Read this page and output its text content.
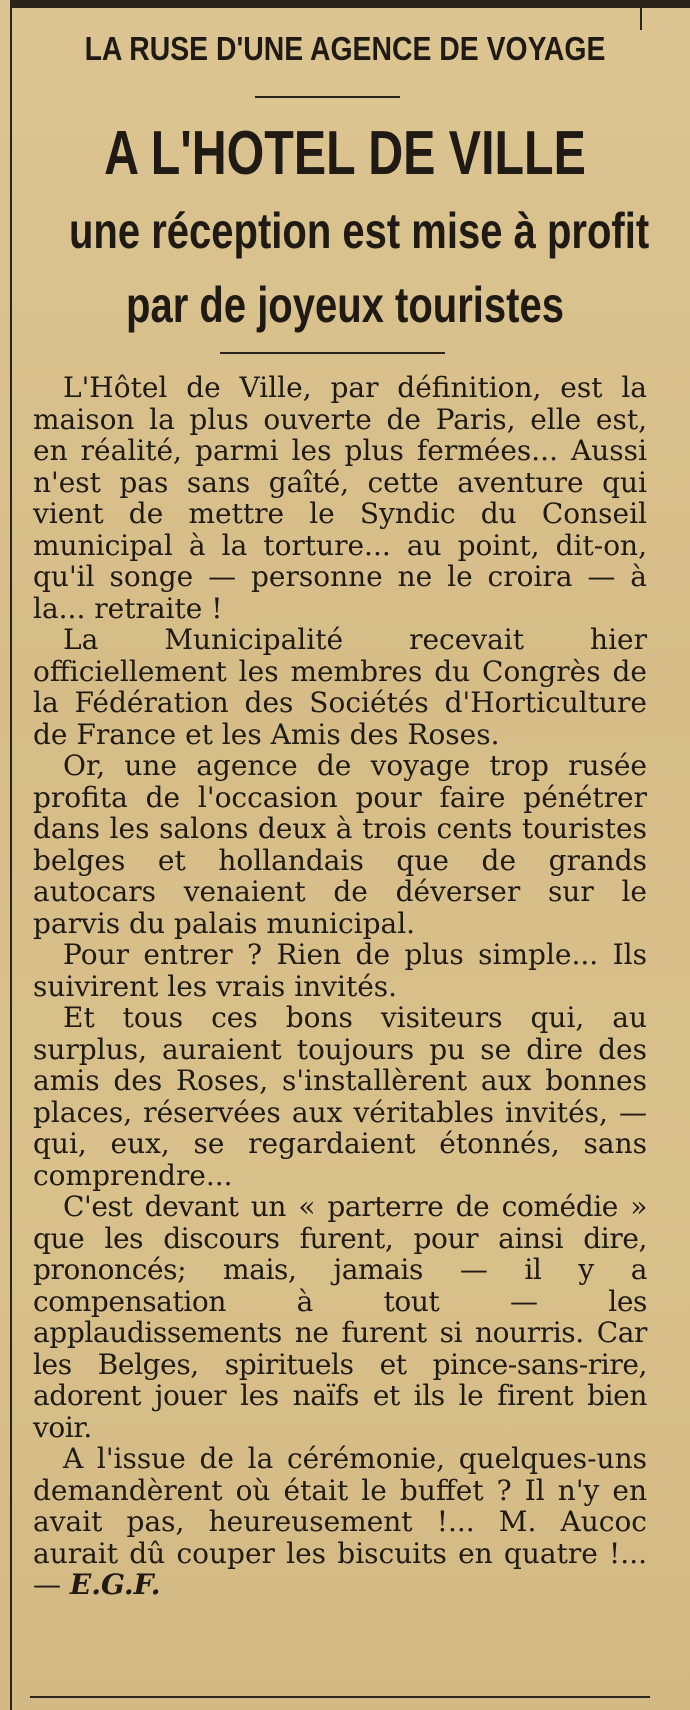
LA RUSE D'UNE AGENCE DE VOYAGE
A L'HOTEL DE VILLE
une réception est mise à profit
par de joyeux touristes

L'Hôtel de Ville, par définition, est la maison la plus ouverte de Paris, elle est, en réalité, parmi les plus fermées... Aussi n'est pas sans gaîté, cette aventure qui vient de mettre le Syndic du Conseil municipal à la torture... au point, dit-on, qu'il songe — personne ne le croira — à la... retraite !

La Municipalité recevait hier officiellement les membres du Congrès de la Fédération des Sociétés d'Horticulture de France et les Amis des Roses.

Or, une agence de voyage trop rusée profita de l'occasion pour faire pénétrer dans les salons deux à trois cents touristes belges et hollandais que de grands autocars venaient de déverser sur le parvis du palais municipal.

Pour entrer ? Rien de plus simple... Ils suivirent les vrais invités.

Et tous ces bons visiteurs qui, au surplus, auraient toujours pu se dire des amis des Roses, s'installèrent aux bonnes places, réservées aux véritables invités, — qui, eux, se regardaient étonnés, sans comprendre...

C'est devant un « parterre de comédie » que les discours furent, pour ainsi dire, prononcés; mais, jamais — il y a compensation à tout — les applaudissements ne furent si nourris. Car les Belges, spirituels et pince-sans-rire, adorent jouer les naïfs et ils le firent bien voir.

A l'issue de la cérémonie, quelques-uns demandèrent où était le buffet ? Il n'y en avait pas, heureusement !... M. Aucoc aurait dû couper les biscuits en quatre !... — E.G.F.
